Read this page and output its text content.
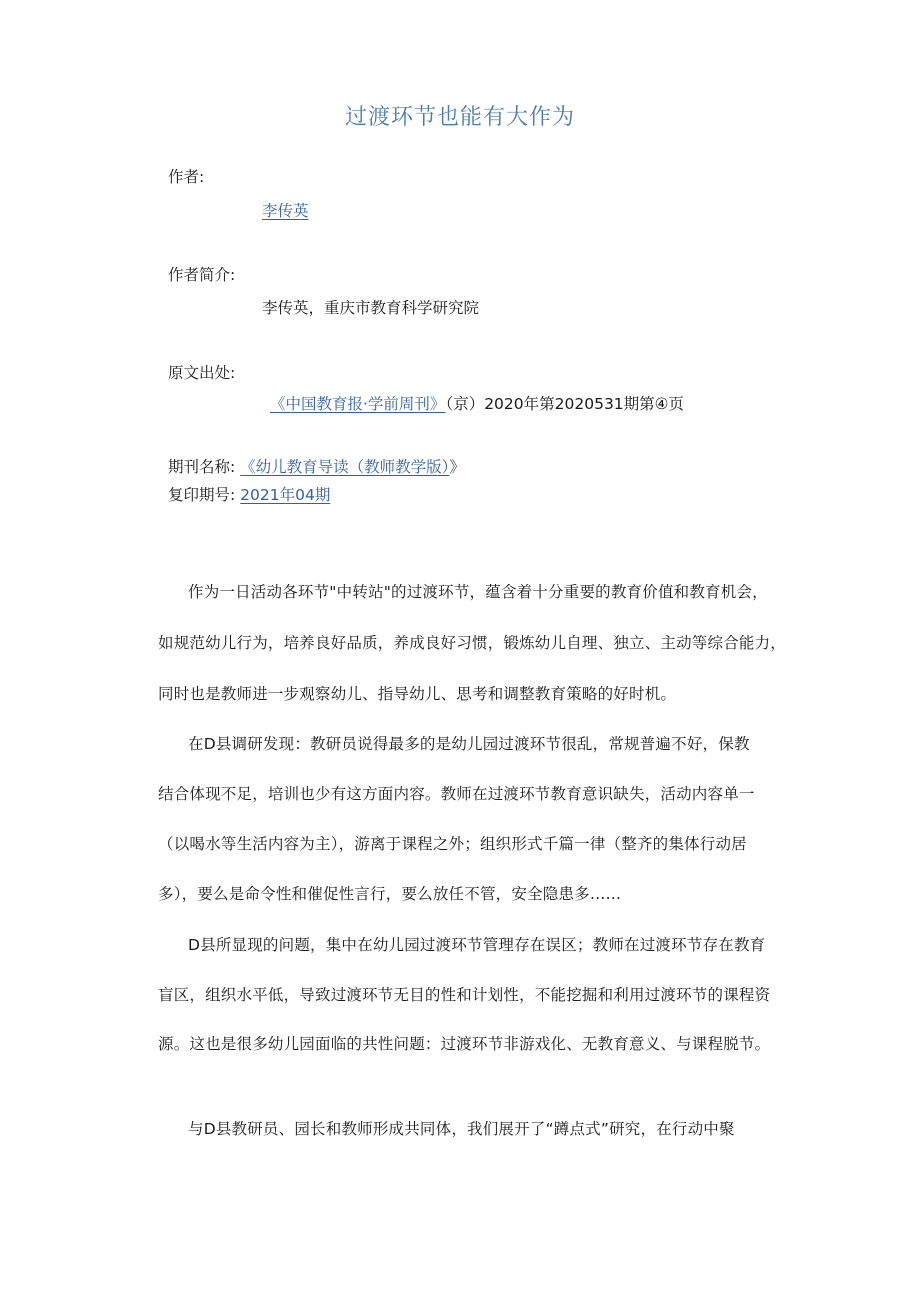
过渡环节也能有大作为
作者:
李传英
作者简介:
李传英，重庆市教育科学研究院
原文出处:
《中国教育报·学前周刊》（京）2020年第2020531期第④页
期刊名称: 《幼儿教育导读（教师教学版）》
复印期号: 2021年04期
作为一日活动各环节"中转站"的过渡环节，蕴含着十分重要的教育价值和教育机会，
如规范幼儿行为，培养良好品质，养成良好习惯，锻炼幼儿自理、独立、主动等综合能力，
同时也是教师进一步观察幼儿、指导幼儿、思考和调整教育策略的好时机。
在D县调研发现：教研员说得最多的是幼儿园过渡环节很乱，常规普遍不好，保教
结合体现不足，培训也少有这方面内容。教师在过渡环节教育意识缺失，活动内容单一
（以喝水等生活内容为主），游离于课程之外；组织形式千篇一律（整齐的集体行动居
多），要么是命令性和催促性言行，要么放任不管，安全隐患多……
D县所显现的问题，集中在幼儿园过渡环节管理存在误区；教师在过渡环节存在教育
盲区，组织水平低，导致过渡环节无目的性和计划性，不能挖掘和利用过渡环节的课程资
源。这也是很多幼儿园面临的共性问题：过渡环节非游戏化、无教育意义、与课程脱节。
与D县教研员、园长和教师形成共同体，我们展开了“蹲点式”研究，在行动中聚
